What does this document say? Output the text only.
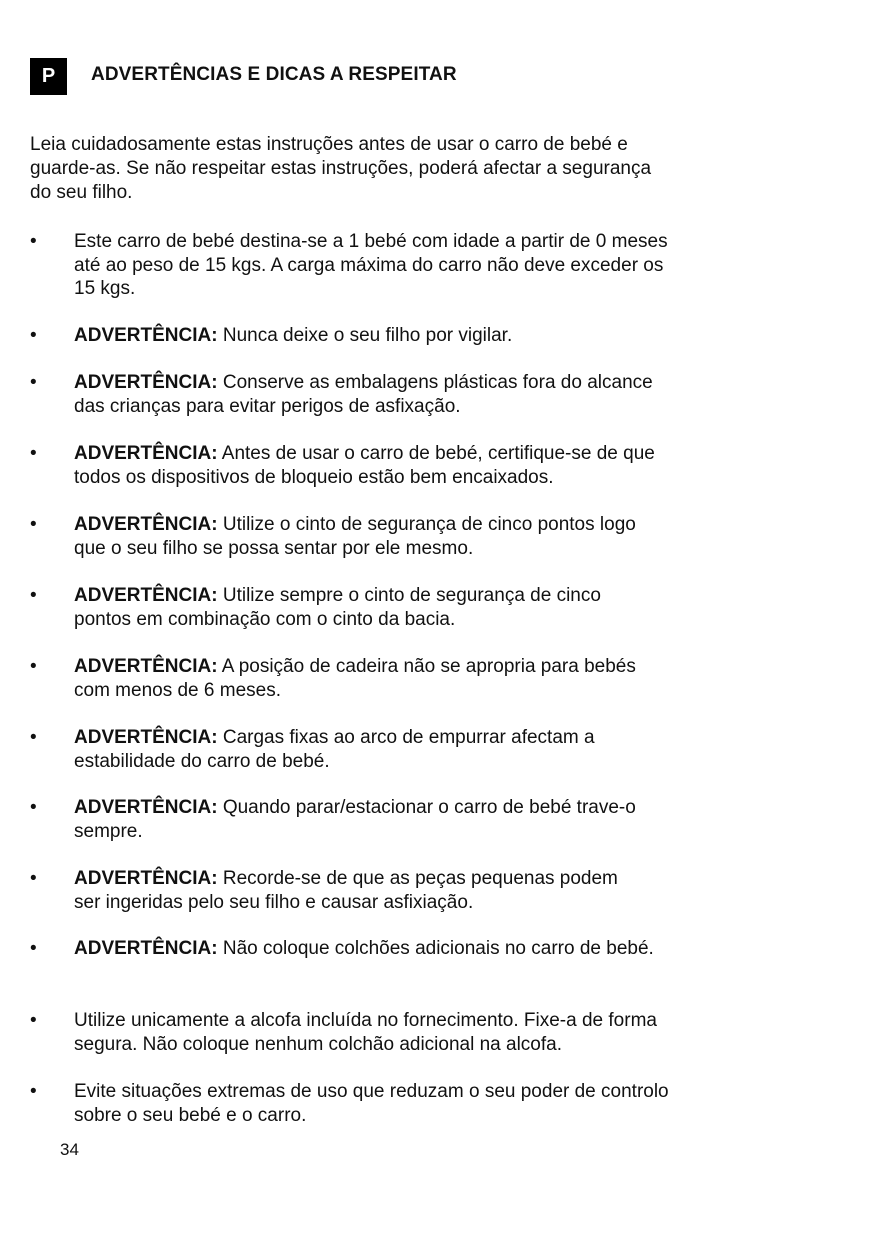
P ADVERTÊNCIAS E DICAS A RESPEITAR
Leia cuidadosamente estas instruções antes de usar o carro de bebé e
guarde-as. Se não respeitar estas instruções, poderá afectar a segurança
do seu filho.
• Este carro de bebé destina-se a 1 bebé com idade a partir de 0 meses
até ao peso de 15 kgs. A carga máxima do carro não deve exceder os
15 kgs.
• ADVERTÊNCIA: Nunca deixe o seu filho por vigilar.
• ADVERTÊNCIA: Conserve as embalagens plásticas fora do alcance
das crianças para evitar perigos de asfixação.
• ADVERTÊNCIA: Antes de usar o carro de bebé, certifique-se de que
todos os dispositivos de bloqueio estão bem encaixados.
• ADVERTÊNCIA: Utilize o cinto de segurança de cinco pontos logo
que o seu filho se possa sentar por ele mesmo.
• ADVERTÊNCIA: Utilize sempre o cinto de segurança de cinco
pontos em combinação com o cinto da bacia.
• ADVERTÊNCIA: A posição de cadeira não se apropria para bebés
com menos de 6 meses.
• ADVERTÊNCIA: Cargas fixas ao arco de empurrar afectam a
estabilidade do carro de bebé.
• ADVERTÊNCIA: Quando parar/estacionar o carro de bebé trave-o
sempre.
• ADVERTÊNCIA: Recorde-se de que as peças pequenas podem
ser ingeridas pelo seu filho e causar asfixiação.
• ADVERTÊNCIA: Não coloque colchões adicionais no carro de bebé.
• Utilize unicamente a alcofa incluída no fornecimento. Fixe-a de forma
segura. Não coloque nenhum colchão adicional na alcofa.
• Evite situações extremas de uso que reduzam o seu poder de controlo
sobre o seu bebé e o carro.
34
